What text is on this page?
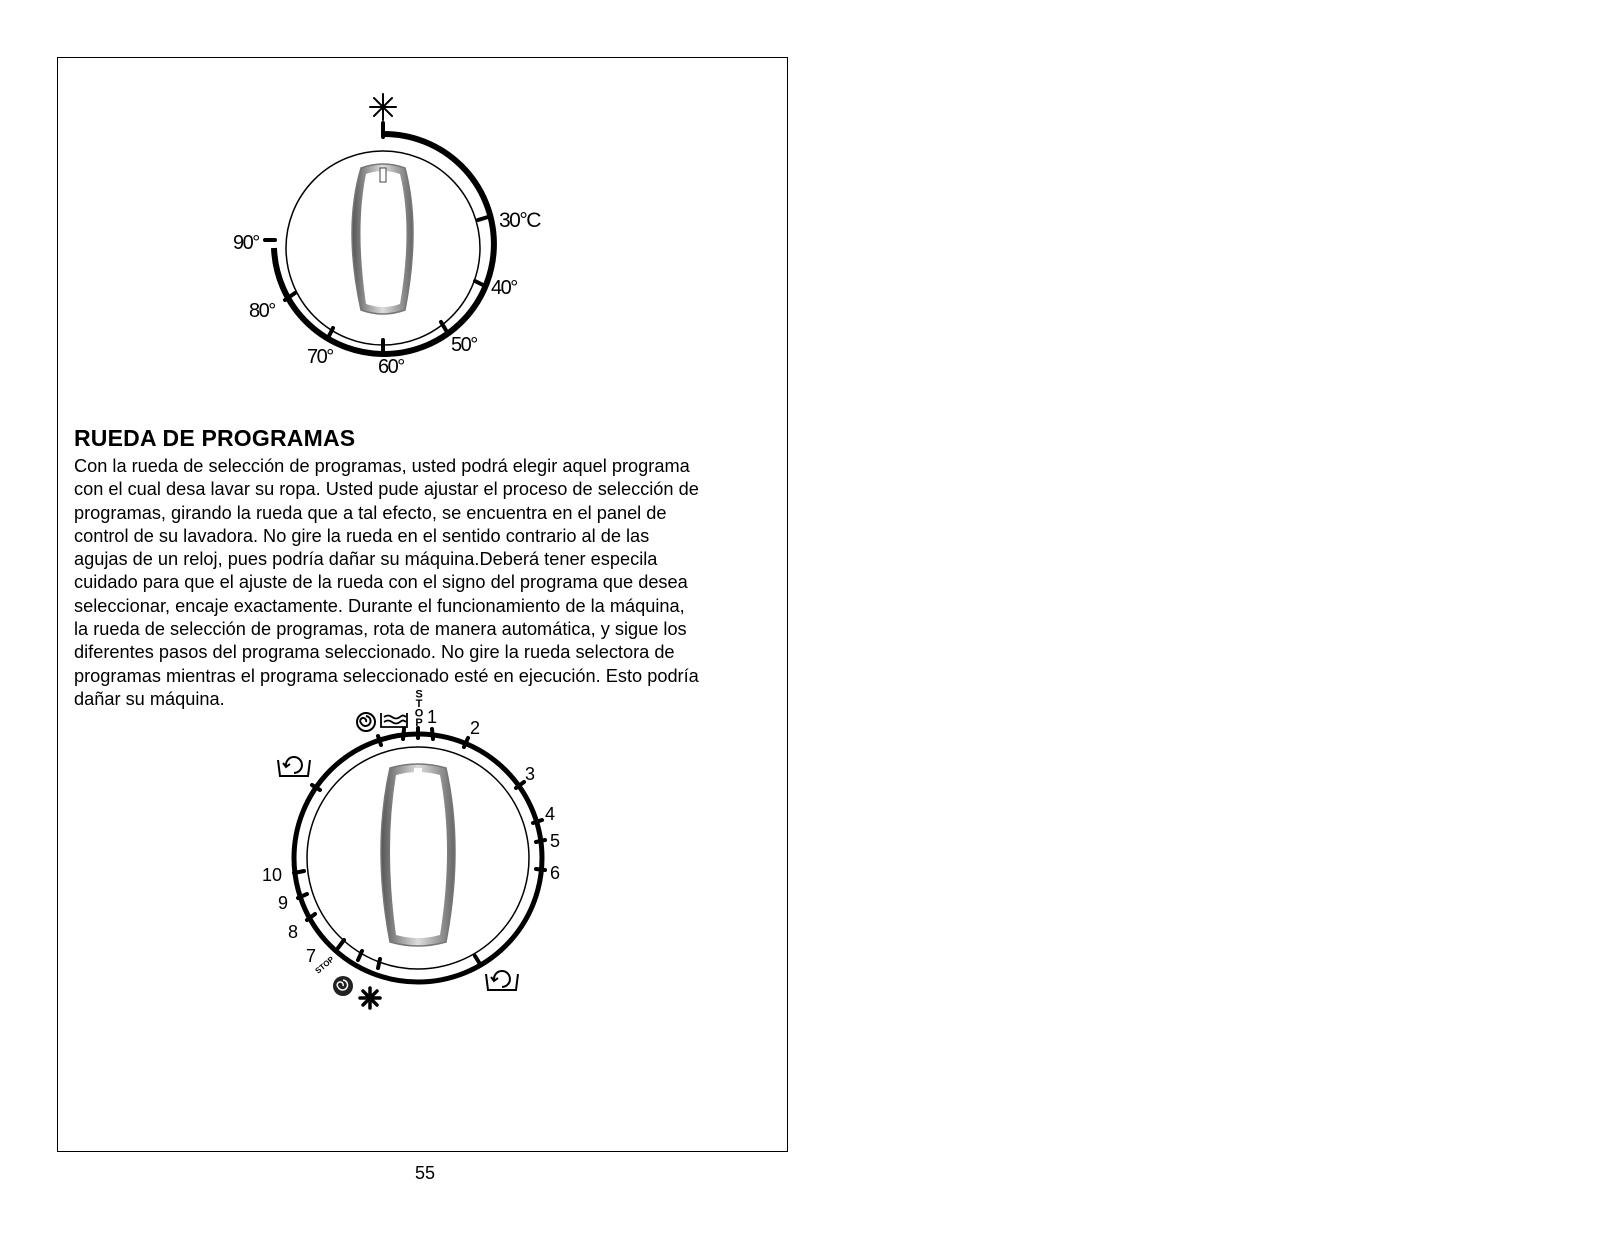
30°C
40°
50°
60°
70°
80°
90°
RUEDA DE PROGRAMAS

Con la rueda de selección de programas, usted podrá elegir aquel programa
con el cual desa lavar su ropa. Usted pude ajustar el proceso de selección de
programas, girando la rueda que a tal efecto, se encuentra en el panel de
control de su lavadora. No gire la rueda en el sentido contrario al de las
agujas de un reloj, pues podría dañar su máquina.Deberá tener especila
cuidado para que el ajuste de la rueda con el signo del programa que desea
seleccionar, encaje exactamente. Durante el funcionamiento de la máquina,
la rueda de selección de programas, rota de manera automática, y sigue los
diferentes pasos del programa seleccionado. No gire la rueda selectora de
programas mientras el programa seleccionado esté en ejecución. Esto podría
dañar su máquina.

1
2
3
4
5
6
7
8
9
10
S
T
O
P
STOP
55
